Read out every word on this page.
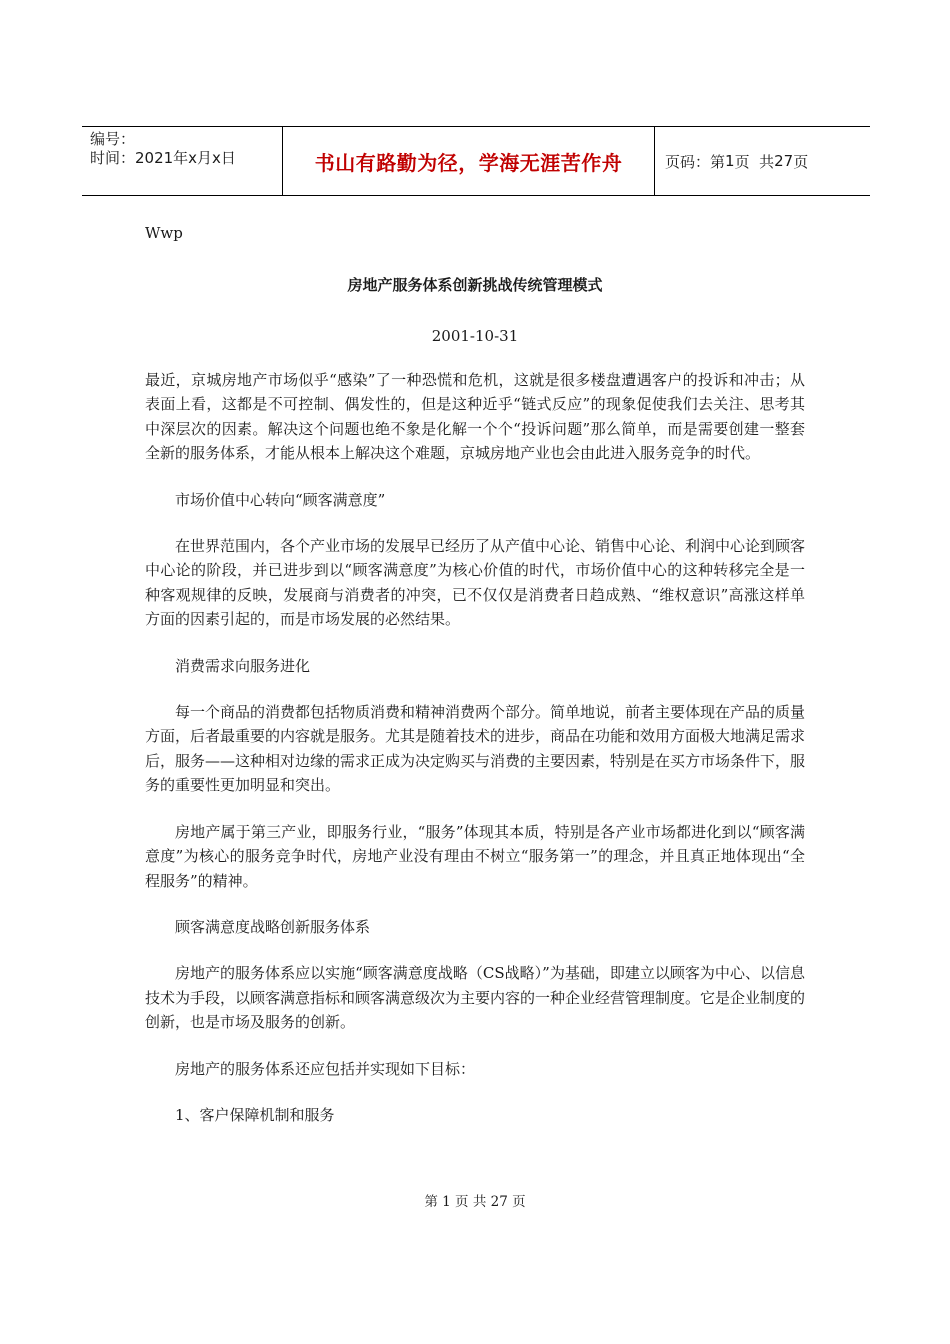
编号：
时间：2021年x月x日	书山有路勤为径，学海无涯苦作舟	页码：第 1 页  共 27 页
Wwp
房地产服务体系创新挑战传统管理模式
2001-10-31

最近，京城房地产市场似乎“感染”了一种恐慌和危机，这就是很多楼盘遭遇客户的投诉和冲击；从表面上看，这都是不可控制、偶发性的，但是这种近乎“链式反应”的现象促使我们去关注、思考其中深层次的因素。解决这个问题也绝不象是化解一个个“投诉问题”那么简单，而是需要创建一整套全新的服务体系，才能从根本上解决这个难题，京城房地产业也会由此进入服务竞争的时代。

市场价值中心转向“顾客满意度”

在世界范围内，各个产业市场的发展早已经历了从产值中心论、销售中心论、利润中心论到顾客中心论的阶段，并已进步到以“顾客满意度”为核心价值的时代，市场价值中心的这种转移完全是一种客观规律的反映，发展商与消费者的冲突，已不仅仅是消费者日趋成熟、“维权意识”高涨这样单方面的因素引起的，而是市场发展的必然结果。

消费需求向服务进化

每一个商品的消费都包括物质消费和精神消费两个部分。简单地说，前者主要体现在产品的质量方面，后者最重要的内容就是服务。尤其是随着技术的进步，商品在功能和效用方面极大地满足需求后，服务——这种相对边缘的需求正成为决定购买与消费的主要因素，特别是在买方市场条件下，服务的重要性更加明显和突出。

房地产属于第三产业，即服务行业，“服务”体现其本质，特别是各产业市场都进化到以“顾客满意度”为核心的服务竞争时代，房地产业没有理由不树立“服务第一”的理念，并且真正地体现出“全程服务”的精神。

顾客满意度战略创新服务体系

房地产的服务体系应以实施“顾客满意度战略（CS战略）”为基础，即建立以顾客为中心、以信息技术为手段，以顾客满意指标和顾客满意级次为主要内容的一种企业经营管理制度。它是企业制度的创新，也是市场及服务的创新。

房地产的服务体系还应包括并实现如下目标：

1、客户保障机制和服务

第 1 页 共 27 页
